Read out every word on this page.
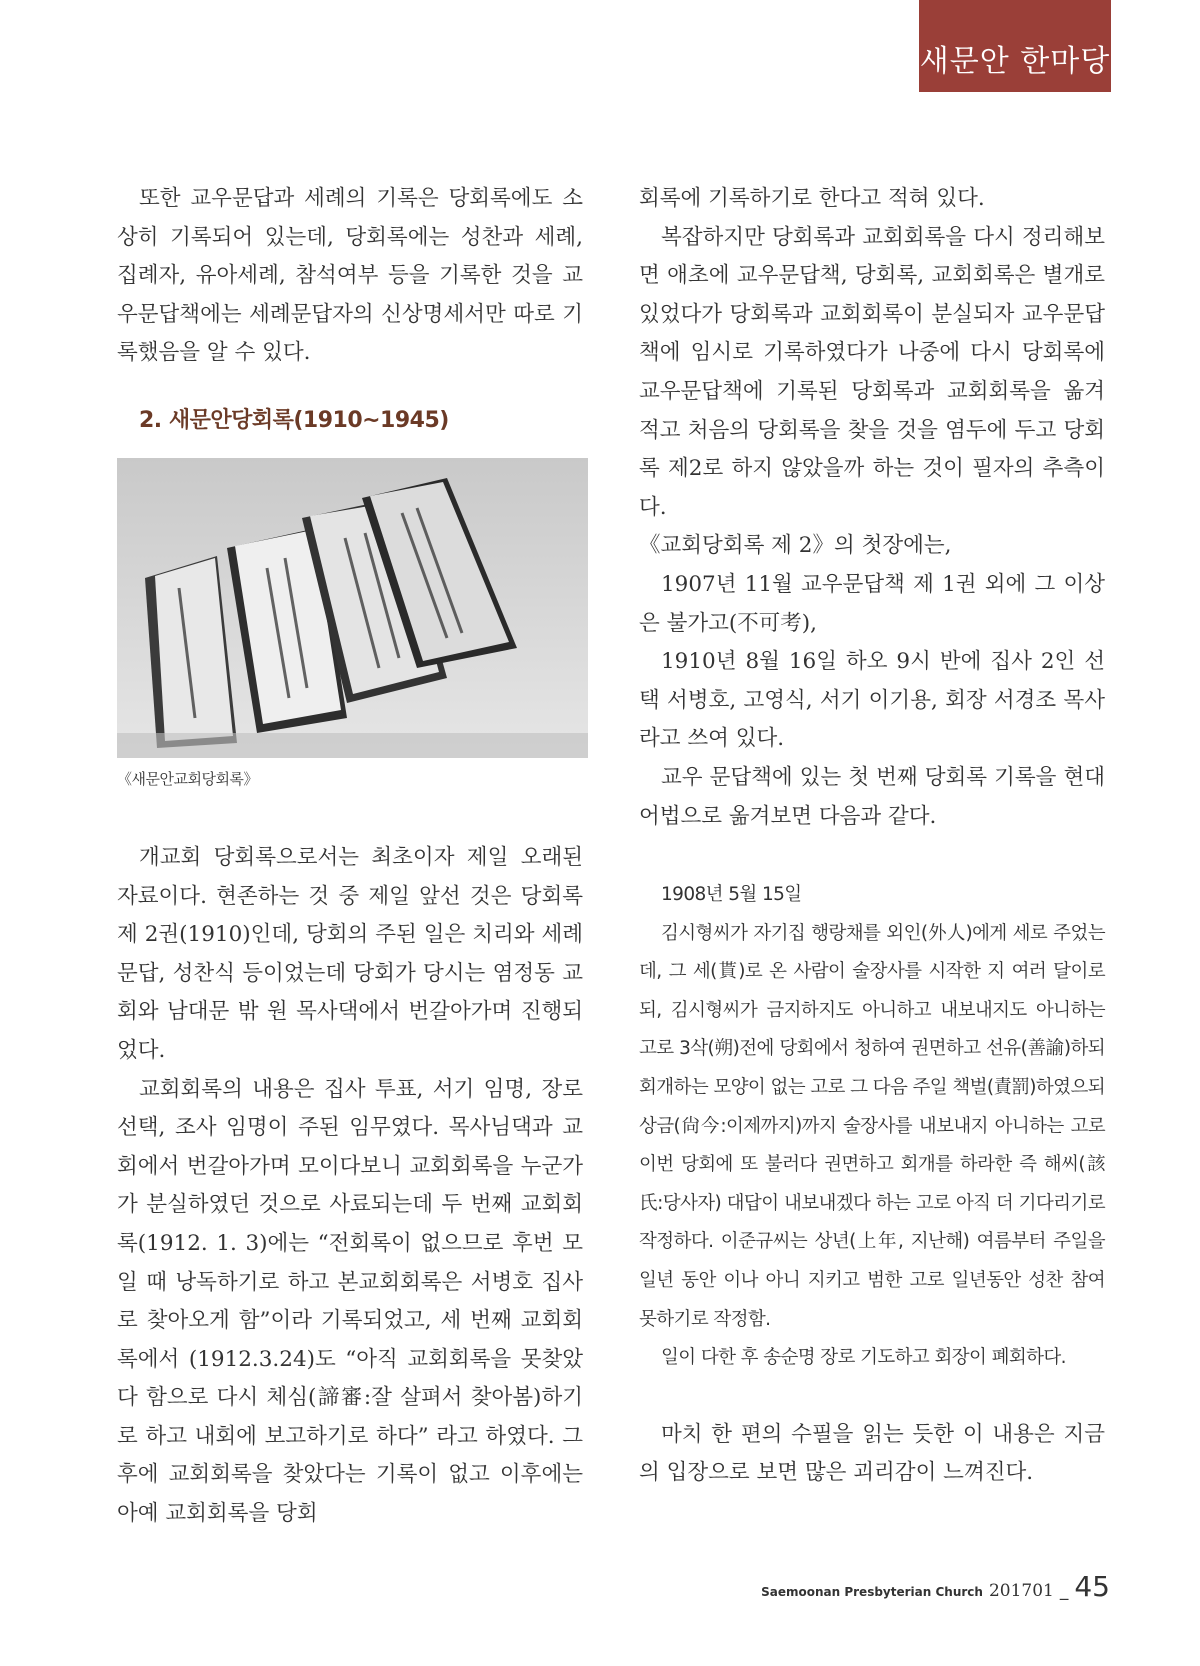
새문안 한마당

또한 교우문답과 세례의 기록은 당회록에도 소상히 기록되어 있는데, 당회록에는 성찬과 세례, 집례자, 유아세례, 참석여부 등을 기록한 것을 교우문답책에는 세례문답자의 신상명세서만 따로 기록했음을 알 수 있다.

2. 새문안당회록(1910~1945)
《새문안교회당회록》

개교회 당회록으로서는 최초이자 제일 오래된 자료이다. 현존하는 것 중 제일 앞선 것은 당회록 제 2권(1910)인데, 당회의 주된 일은 치리와 세례문답, 성찬식 등이었는데 당회가 당시는 염정동 교회와 남대문 밖 원 목사댁에서 번갈아가며 진행되었다.

교회회록의 내용은 집사 투표, 서기 임명, 장로 선택, 조사 임명이 주된 임무였다. 목사님댁과 교회에서 번갈아가며 모이다보니 교회회록을 누군가가 분실하였던 것으로 사료되는데 두 번째 교회회록(1912. 1. 3)에는 “전회록이 없으므로 후번 모일 때 낭독하기로 하고 본교회회록은 서병호 집사로 찾아오게 함”이라 기록되었고, 세 번째 교회회록에서 (1912.3.24)도 “아직 교회회록을 못찾았다 함으로 다시 체심(諦審:잘 살펴서 찾아봄)하기로 하고 내회에 보고하기로 하다” 라고 하였다. 그 후에 교회회록을 찾았다는 기록이 없고 이후에는 아예 교회회록을 당회

회록에 기록하기로 한다고 적혀 있다.

복잡하지만 당회록과 교회회록을 다시 정리해보면 애초에 교우문답책, 당회록, 교회회록은 별개로 있었다가 당회록과 교회회록이 분실되자 교우문답책에 임시로 기록하였다가 나중에 다시 당회록에 교우문답책에 기록된 당회록과 교회회록을 옮겨 적고 처음의 당회록을 찾을 것을 염두에 두고 당회록 제2로 하지 않았을까 하는 것이 필자의 추측이다.

《교회당회록 제 2》의 첫장에는,

1907년 11월 교우문답책 제 1권 외에 그 이상은 불가고(不可考),

1910년 8월 16일 하오 9시 반에 집사 2인 선택 서병호, 고영식, 서기 이기용, 회장 서경조 목사라고 쓰여 있다.

교우 문답책에 있는 첫 번째 당회록 기록을 현대어법으로 옮겨보면 다음과 같다.

1908년 5월 15일

김시형씨가 자기집 행랑채를 외인(外人)에게 세로 주었는데, 그 세(貰)로 온 사람이 술장사를 시작한 지 여러 달이로되, 김시형씨가 금지하지도 아니하고 내보내지도 아니하는 고로 3삭(朔)전에 당회에서 청하여 권면하고 선유(善諭)하되 회개하는 모양이 없는 고로 그 다음 주일 책벌(責罰)하였으되 상금(尙今:이제까지)까지 술장사를 내보내지 아니하는 고로 이번 당회에 또 불러다 권면하고 회개를 하라한 즉 해씨(該氏:당사자) 대답이 내보내겠다 하는 고로 아직 더 기다리기로 작정하다. 이준규씨는 상년(上年, 지난해) 여름부터 주일을 일년 동안 이나 아니 지키고 범한 고로 일년동안 성찬 참여 못하기로 작정함.

일이 다한 후 송순명 장로 기도하고 회장이 폐회하다.

마치 한 편의 수필을 읽는 듯한 이 내용은 지금의 입장으로 보면 많은 괴리감이 느껴진다.

Saemoonan Presbyterian Church 201701 _ 45
